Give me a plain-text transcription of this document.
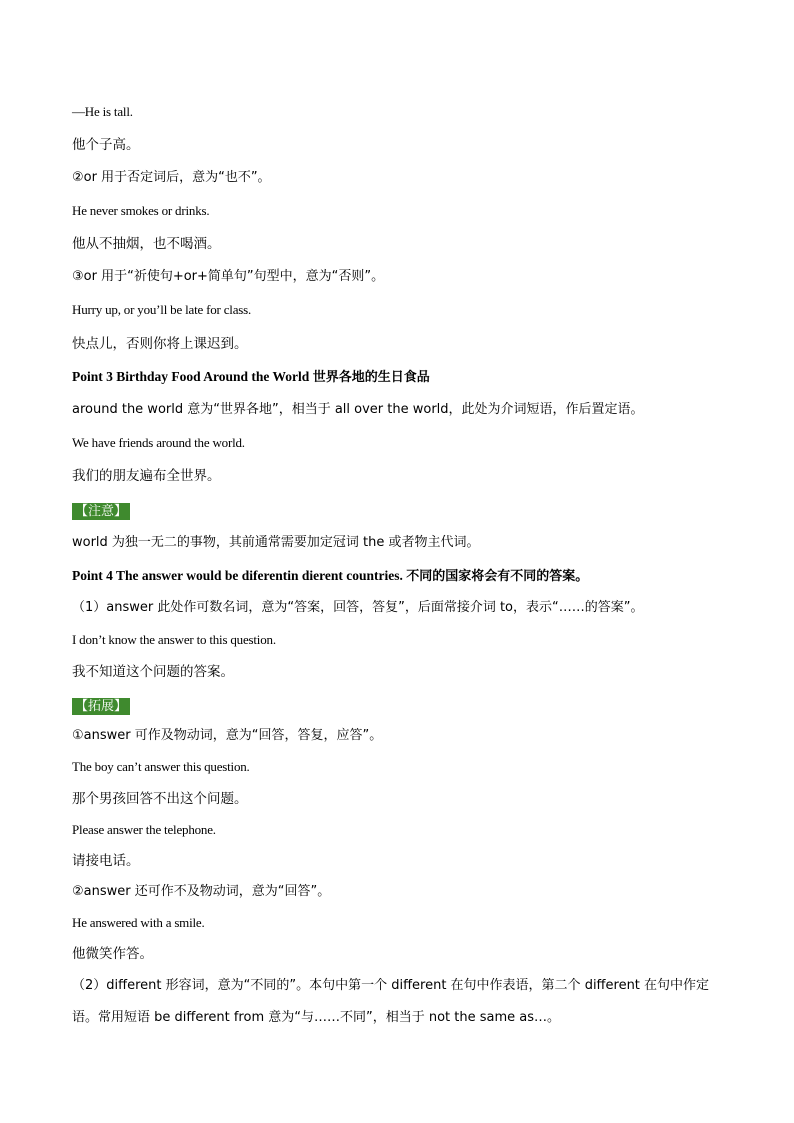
—He is tall.
他个子高。
②or 用于否定词后，意为“也不”。
He never smokes or drinks.
他从不抽烟，也不喝酒。
③or 用于“祈使句+or+简单句”句型中，意为“否则”。
Hurry up, or you’ll be late for class.
快点儿，否则你将上课迟到。
Point 3 Birthday Food Around the World 世界各地的生日食品
around the world 意为“世界各地”，相当于 all over the world，此处为介词短语，作后置定语。
We have friends around the world.
我们的朋友遍布全世界。
【注意】
world 为独一无二的事物，其前通常需要加定冠词 the 或者物主代词。
Point 4 The answer would be diferentin dierent countries. 不同的国家将会有不同的答案。
（1）answer 此处作可数名词，意为“答案，回答，答复”，后面常接介词 to，表示“……的答案”。
I don’t know the answer to this question.
我不知道这个问题的答案。
【拓展】
①answer 可作及物动词，意为“回答，答复，应答”。
The boy can’t answer this question.
那个男孩回答不出这个问题。
Please answer the telephone.
请接电话。
②answer 还可作不及物动词，意为“回答”。
He answered with a smile.
他微笑作答。
（2）different 形容词，意为“不同的”。本句中第一个 different 在句中作表语，第二个 different 在句中作定
语。常用短语 be different from 意为“与……不同”，相当于 not the same as…。
